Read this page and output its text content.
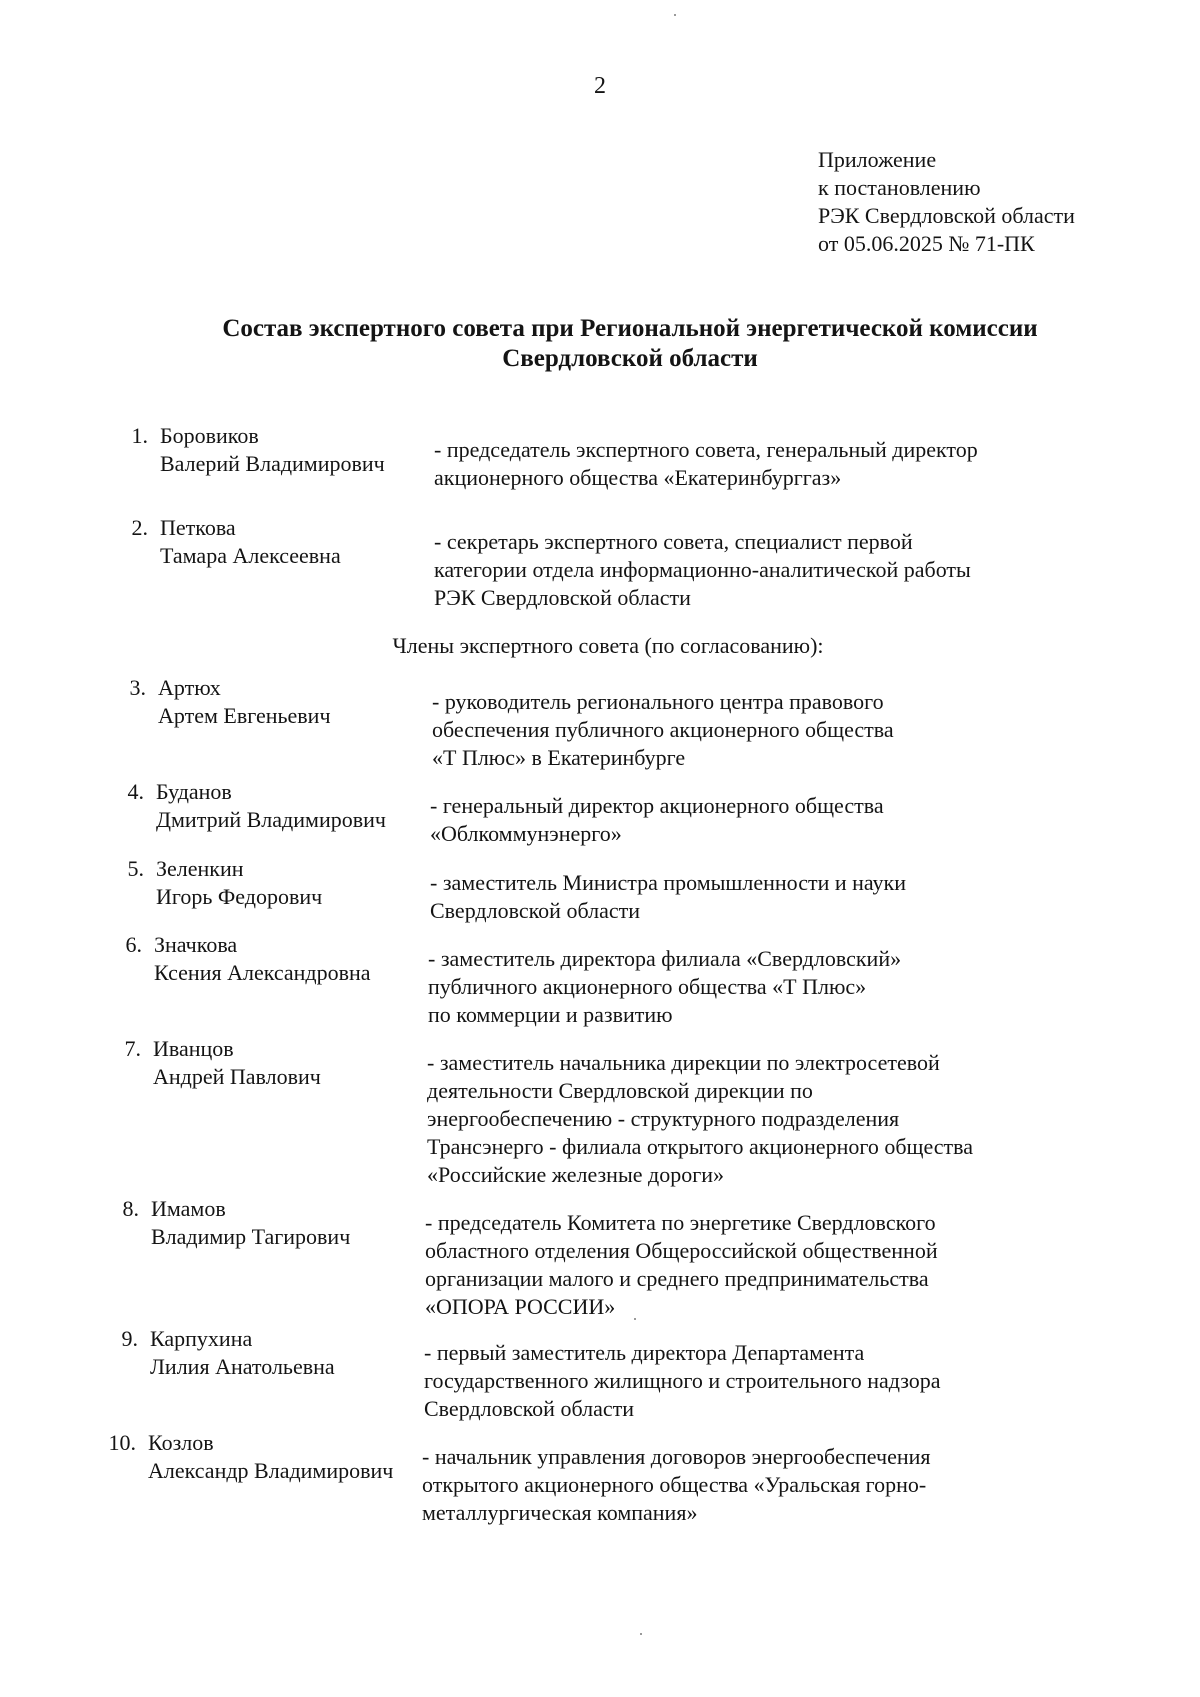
2
Приложение
к постановлению
РЭК Свердловской области
от 05.06.2025 № 71-ПК
Состав экспертного совета при Региональной энергетической комиссии
Свердловской области
Члены экспертного совета (по согласованию):
1. Боровиков
Валерий Владимирович
- председатель экспертного совета, генеральный директор
акционерного общества «Екатеринбурггаз»
2. Петкова
Тамара Алексеевна
- секретарь экспертного совета, специалист первой
категории отдела информационно-аналитической работы
РЭК Свердловской области
3. Артюх
Артем Евгеньевич
- руководитель регионального центра правового
обеспечения публичного акционерного общества
«Т Плюс» в Екатеринбурге
4. Буданов
Дмитрий Владимирович
- генеральный директор акционерного общества
«Облкоммунэнерго»
5. Зеленкин
Игорь Федорович
- заместитель Министра промышленности и науки
Свердловской области
6. Значкова
Ксения Александровна
- заместитель директора филиала «Свердловский»
публичного акционерного общества «Т Плюс»
по коммерции и развитию
7. Иванцов
Андрей Павлович
- заместитель начальника дирекции по электросетевой
деятельности Свердловской дирекции по
энергообеспечению - структурного подразделения
Трансэнерго - филиала открытого акционерного общества
«Российские железные дороги»
8. Имамов
Владимир Тагирович
- председатель Комитета по энергетике Свердловского
областного отделения Общероссийской общественной
организации малого и среднего предпринимательства
«ОПОРА РОССИИ»
9. Карпухина
Лилия Анатольевна
- первый заместитель директора Департамента
государственного жилищного и строительного надзора
Свердловской области
10. Козлов
Александр Владимирович
- начальник управления договоров энергообеспечения
открытого акционерного общества «Уральская горно-
металлургическая компания»
